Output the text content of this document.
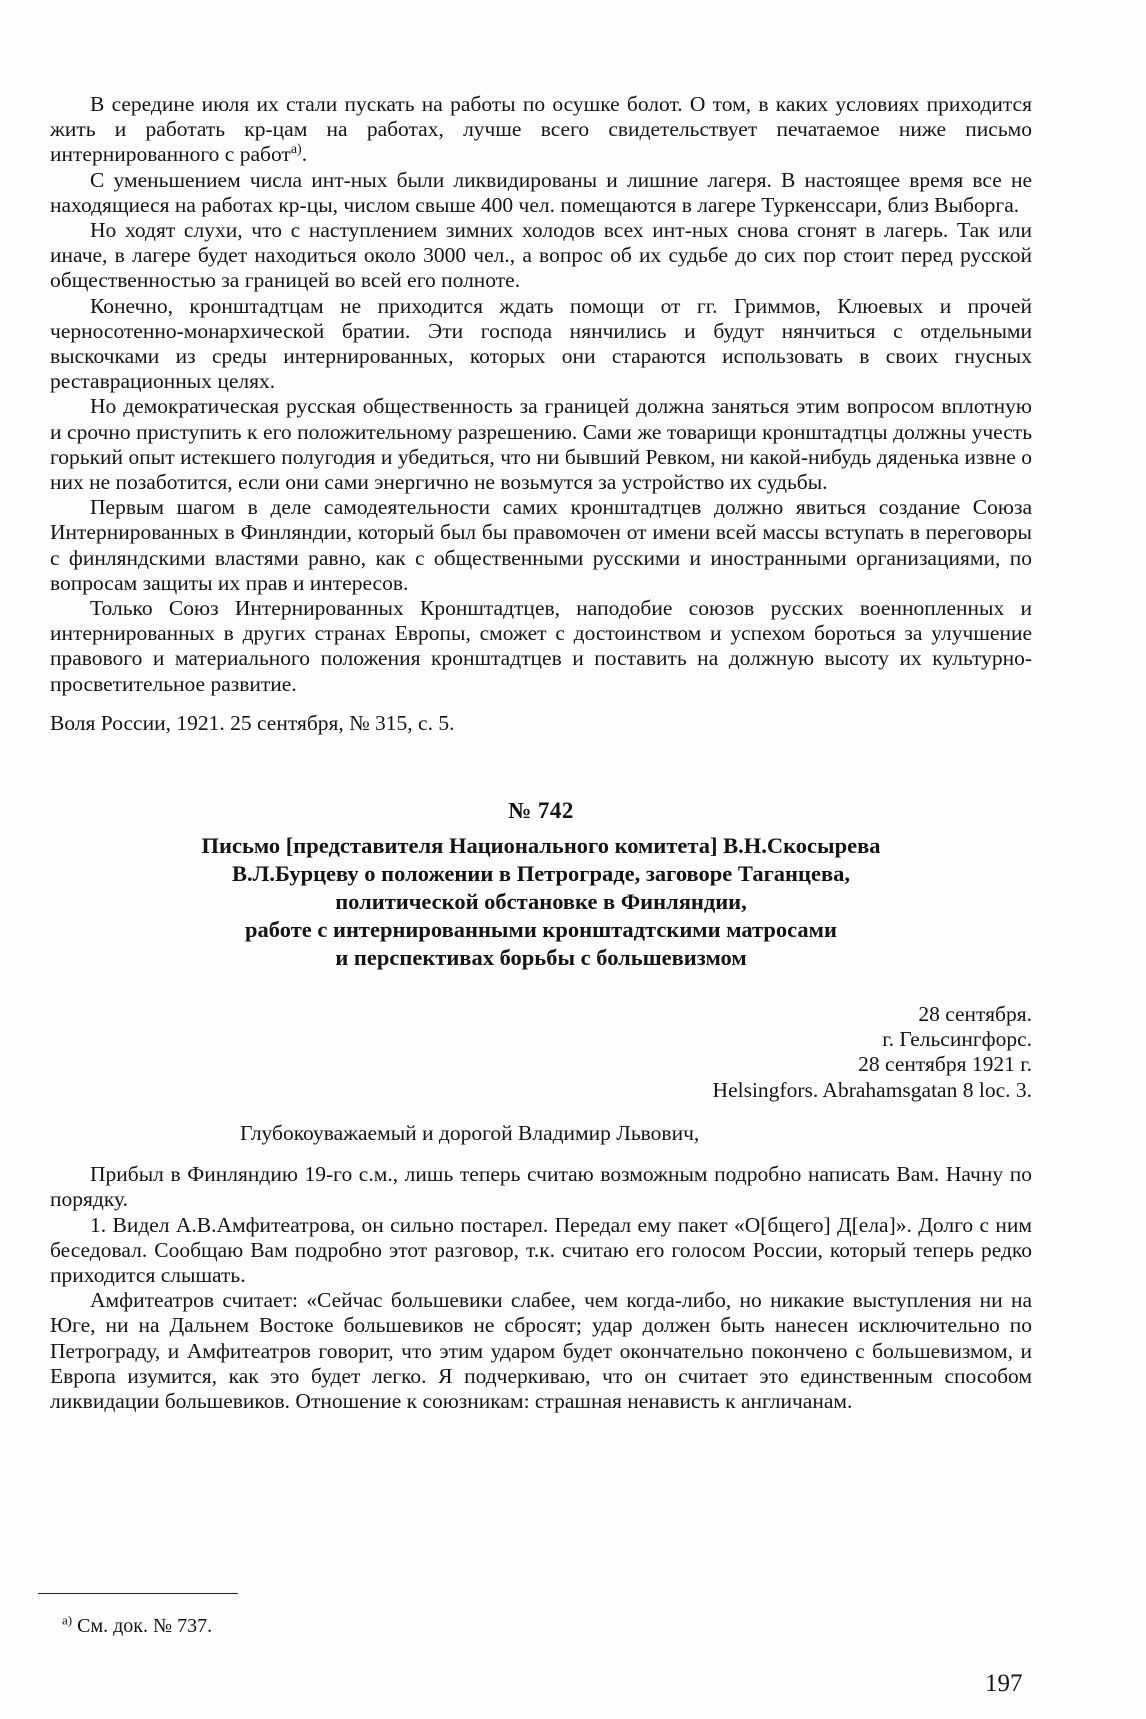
В середине июля их стали пускать на работы по осушке болот. О том, в каких условиях приходится жить и работать кр-цам на работах, лучше всего свидетельствует печатаемое ниже письмо интернированного с работ$^{а)}$.

С уменьшением числа инт-ных были ликвидированы и лишние лагеря. В настоящее время все не находящиеся на работах кр-цы, числом свыше 400 чел. помещаются в лагере Туркенссари, близ Выборга.

Но ходят слухи, что с наступлением зимних холодов всех инт-ных снова сгонят в лагерь. Так или иначе, в лагере будет находиться около 3000 чел., а вопрос об их судьбе до сих пор стоит перед русской общественностью за границей во всей его полноте.

Конечно, кронштадтцам не приходится ждать помощи от гг. Гриммов, Клюевых и прочей черносотенно-монархической братии. Эти господа нянчились и будут нянчиться с отдельными выскочками из среды интернированных, которых они стараются использовать в своих гнусных реставрационных целях.

Но демократическая русская общественность за границей должна заняться этим вопросом вплотную и срочно приступить к его положительному разрешению. Сами же товарищи кронштадтцы должны учесть горький опыт истекшего полугодия и убедиться, что ни бывший Ревком, ни какой-нибудь дяденька извне о них не позаботится, если они сами энергично не возьмутся за устройство их судьбы.

Первым шагом в деле самодеятельности самих кронштадтцев должно явиться создание Союза Интернированных в Финляндии, который был бы правомочен от имени всей массы вступать в переговоры с финляндскими властями равно, как с общественными русскими и иностранными организациями, по вопросам защиты их прав и интересов.

Только Союз Интернированных Кронштадтцев, наподобие союзов русских военнопленных и интернированных в других странах Европы, сможет с достоинством и успехом бороться за улучшение правового и материального положения кронштадтцев и поставить на должную высоту их культурно-просветительное развитие.

Воля России, 1921. 25 сентября, № 315, с. 5.

№ 742

Письмо [представителя Национального комитета] В.Н.Скосырева
В.Л.Бурцеву о положении в Петрограде, заговоре Таганцева,
политической обстановке в Финляндии,
работе с интернированными кронштадтскими матросами
и перспективах борьбы с большевизмом
28 сентября.
г. Гельсингфорс.
28 сентября 1921 г.
Helsingfors. Abrahamsgatan 8 loc. 3.

Глубокоуважаемый и дорогой Владимир Львович,

Прибыл в Финляндию 19-го с.м., лишь теперь считаю возможным подробно написать Вам. Начну по порядку.

1. Видел А.В.Амфитеатрова, он сильно постарел. Передал ему пакет «О[бщего] Д[ела]». Долго с ним беседовал. Сообщаю Вам подробно этот разговор, т.к. считаю его голосом России, который теперь редко приходится слышать.

Амфитеатров считает: «Сейчас большевики слабее, чем когда-либо, но никакие выступления ни на Юге, ни на Дальнем Востоке большевиков не сбросят; удар должен быть нанесен исключительно по Петрограду, и Амфитеатров говорит, что этим ударом будет окончательно покончено с большевизмом, и Европа изумится, как это будет легко. Я подчеркиваю, что он считает это единственным способом ликвидации большевиков. Отношение к союзникам: страшная ненависть к англичанам.

$^{а)}$ См. док. № 737.
197
